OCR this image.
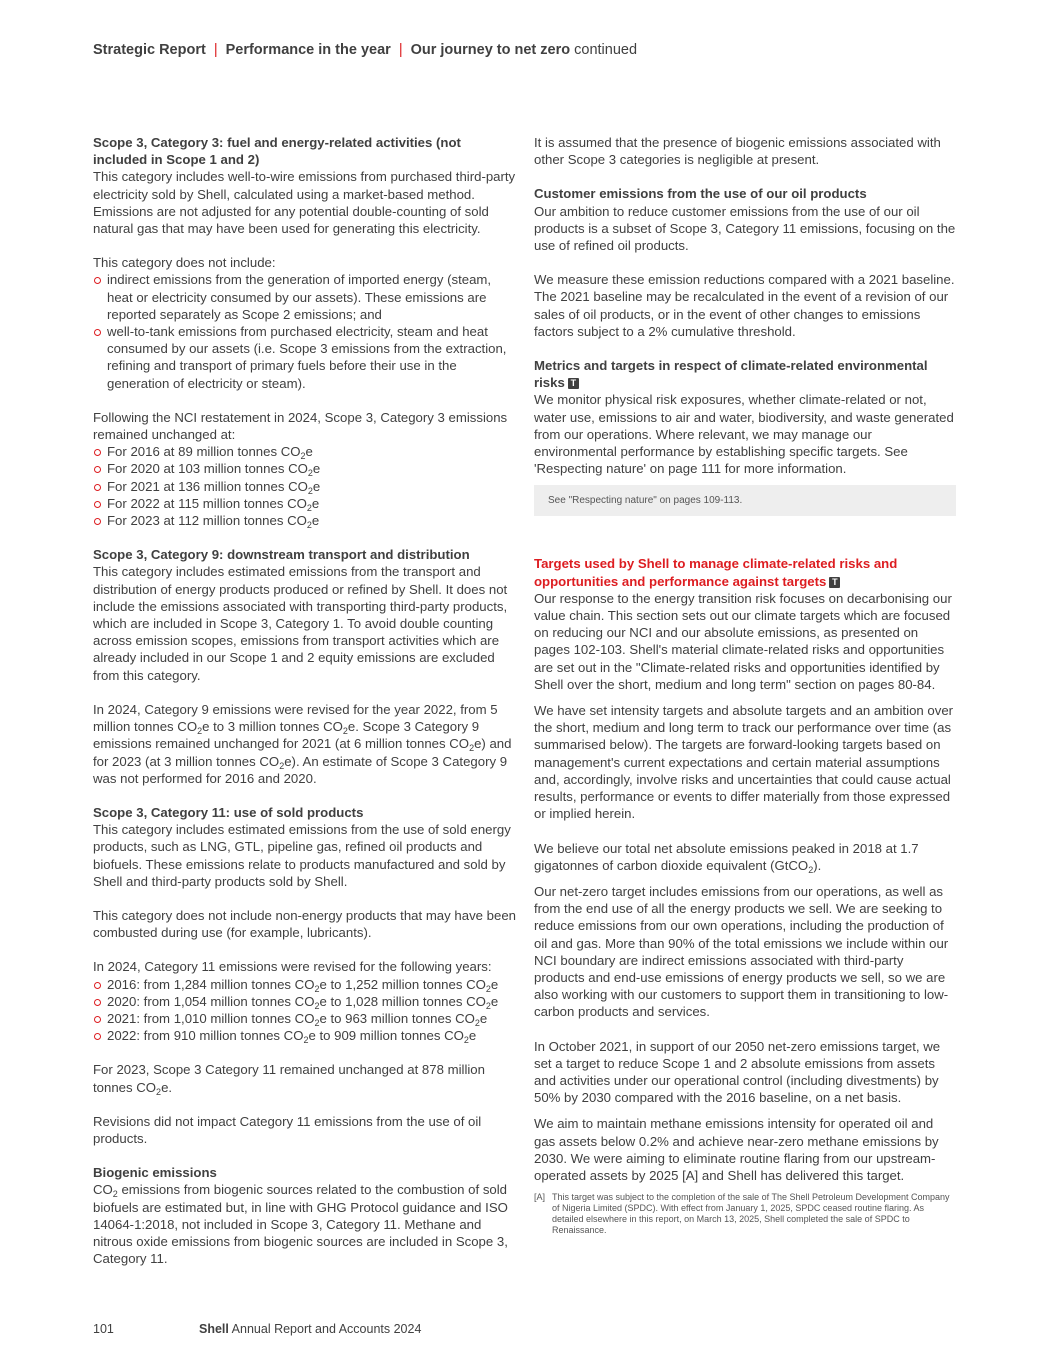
Strategic Report | Performance in the year | Our journey to net zero continued

Scope 3, Category 3: fuel and energy-related activities (not included in Scope 1 and 2)

This category includes well-to-wire emissions from purchased third-party electricity sold by Shell, calculated using a market-based method. Emissions are not adjusted for any potential double-counting of sold natural gas that may have been used for generating this electricity.

This category does not include:

indirect emissions from the generation of imported energy (steam, heat or electricity consumed by our assets). These emissions are reported separately as Scope 2 emissions; and
well-to-tank emissions from purchased electricity, steam and heat consumed by our assets (i.e. Scope 3 emissions from the extraction, refining and transport of primary fuels before their use in the generation of electricity or steam).

Following the NCI restatement in 2024, Scope 3, Category 3 emissions remained unchanged at:

For 2016 at 89 million tonnes $CO_2e$
For 2020 at 103 million tonnes $CO_2e$
For 2021 at 136 million tonnes $CO_2e$
For 2022 at 115 million tonnes $CO_2e$
For 2023 at 112 million tonnes $CO_2e$

Scope 3, Category 9: downstream transport and distribution

This category includes estimated emissions from the transport and distribution of energy products produced or refined by Shell. It does not include the emissions associated with transporting third-party products, which are included in Scope 3, Category 1. To avoid double counting across emission scopes, emissions from transport activities which are already included in our Scope 1 and 2 equity emissions are excluded from this category.

In 2024, Category 9 emissions were revised for the year 2022, from 5 million tonnes $CO_2e$ to 3 million tonnes $CO_2e$. Scope 3 Category 9 emissions remained unchanged for 2021 (at 6 million tonnes $CO_2e$) and for 2023 (at 3 million tonnes $CO_2e$). An estimate of Scope 3 Category 9 was not performed for 2016 and 2020.

Scope 3, Category 11: use of sold products

This category includes estimated emissions from the use of sold energy products, such as LNG, GTL, pipeline gas, refined oil products and biofuels. These emissions relate to products manufactured and sold by Shell and third-party products sold by Shell.

This category does not include non-energy products that may have been combusted during use (for example, lubricants).

In 2024, Category 11 emissions were revised for the following years:

2016: from 1,284 million tonnes $CO_2e$ to 1,252 million tonnes $CO_2e$
2020: from 1,054 million tonnes $CO_2e$ to 1,028 million tonnes $CO_2e$
2021: from 1,010 million tonnes $CO_2e$ to 963 million tonnes $CO_2e$
2022: from 910 million tonnes $CO_2e$ to 909 million tonnes $CO_2e$

For 2023, Scope 3 Category 11 remained unchanged at 878 million tonnes $CO_2e$.

Revisions did not impact Category 11 emissions from the use of oil products.

Biogenic emissions

$CO_2$ emissions from biogenic sources related to the combustion of sold biofuels are estimated but, in line with GHG Protocol guidance and ISO 14064-1:2018, not included in Scope 3, Category 11. Methane and nitrous oxide emissions from biogenic sources are included in Scope 3, Category 11.

It is assumed that the presence of biogenic emissions associated with other Scope 3 categories is negligible at present.

Customer emissions from the use of our oil products

Our ambition to reduce customer emissions from the use of our oil products is a subset of Scope 3, Category 11 emissions, focusing on the use of refined oil products.

We measure these emission reductions compared with a 2021 baseline. The 2021 baseline may be recalculated in the event of a revision of our sales of oil products, or in the event of other changes to emissions factors subject to a 2% cumulative threshold.

Metrics and targets in respect of climate-related environmental risks T

We monitor physical risk exposures, whether climate-related or not, water use, emissions to air and water, biodiversity, and waste generated from our operations. Where relevant, we may manage our environmental performance by establishing specific targets. See 'Respecting nature' on page 111 for more information.

See "Respecting nature" on pages 109-113.

Targets used by Shell to manage climate-related risks and opportunities and performance against targets T

Our response to the energy transition risk focuses on decarbonising our value chain. This section sets out our climate targets which are focused on reducing our NCI and our absolute emissions, as presented on pages 102-103. Shell's material climate-related risks and opportunities are set out in the "Climate-related risks and opportunities identified by Shell over the short, medium and long term" section on pages 80-84.

We have set intensity targets and absolute targets and an ambition over the short, medium and long term to track our performance over time (as summarised below). The targets are forward-looking targets based on management's current expectations and certain material assumptions and, accordingly, involve risks and uncertainties that could cause actual results, performance or events to differ materially from those expressed or implied herein.

We believe our total net absolute emissions peaked in 2018 at 1.7 gigatonnes of carbon dioxide equivalent (GtCO$_2$).

Our net-zero target includes emissions from our operations, as well as from the end use of all the energy products we sell. We are seeking to reduce emissions from our own operations, including the production of oil and gas. More than 90% of the total emissions we include within our NCI boundary are indirect emissions associated with third-party products and end-use emissions of energy products we sell, so we are also working with our customers to support them in transitioning to low-carbon products and services.

In October 2021, in support of our 2050 net-zero emissions target, we set a target to reduce Scope 1 and 2 absolute emissions from assets and activities under our operational control (including divestments) by 50% by 2030 compared with the 2016 baseline, on a net basis.

We aim to maintain methane emissions intensity for operated oil and gas assets below 0.2% and achieve near-zero methane emissions by 2030. We were aiming to eliminate routine flaring from our upstream-operated assets by 2025 [A] and Shell has delivered this target.

[A] This target was subject to the completion of the sale of The Shell Petroleum Development Company of Nigeria Limited (SPDC). With effect from January 1, 2025, SPDC ceased routine flaring. As detailed elsewhere in this report, on March 13, 2025, Shell completed the sale of SPDC to Renaissance.
101	Shell Annual Report and Accounts 2024
